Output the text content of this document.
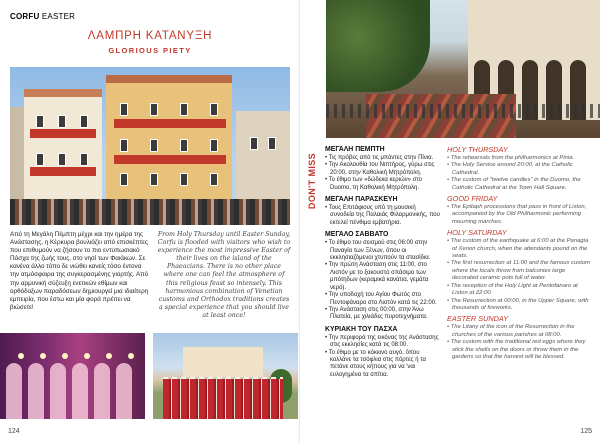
CORFU EASTER
ΛΑΜΠΡΗ ΚΑΤΑΝΥΞΗ
GLORIOUS PIETY
Από τη Μεγάλη Πέμπτη μέχρι και την ημέρα της Ανάστασης, η Κέρκυρα βουλιάζει από επισκέπτες που επιθυμούν να ζήσουν το πιο εντυπωσιακό Πάσχα της ζωής τους, στο νησί των Φαιάκων. Σε κανένα άλλο τόπο δε νιώθει κανείς τόσο έντονα την ατμόσφαιρα της συγκερασμένης γιορτής. Από την αρμονική σύζευξη ενετικών εθίμων και ορθόδοξων παραδόσεων δημιουργεί μια ιδιαίτερη εμπειρία, που έστω και μία φορά πρέπει να βιώσετε!
From Holy Thursday until Easter Sunday, Corfu is flooded with visitors who wish to experience the most impressive Easter of their lives on the island of the Phaeacians. There is no other place where one can feel the atmosphere of this religious feast so intensely. This harmonious combination of Venetian customs and Orthodox traditions creates a special experience that you should live at least once!
124	125
DON'T MISS
ΜΕΓΑΛΗ ΠΕΜΠΤΗ
• Τις πρόβες από τις μπάντες στην Πίνια.
• Την Ακολουθία του Νιπτήρος, γύρω στις 20:00, στην Καθολική Μητρόπολη.
• Το έθιμο των «δώδεκα κεριών» στο Duomo, τη Καθολική Μητρόπολη.
ΜΕΓΑΛΗ ΠΑΡΑΣΚΕΥΗ
• Τους Επιτάφιους υπό τη μουσική συνοδεία της Παλαιάς Φιλαρμονικής, που εκτελεί πένθιμα εμβατήρια.
ΜΕΓΑΛΟ ΣΑΒΒΑΤΟ
• Το έθιμο του σεισμού στις 06:00 στην Παναγία των Ξένων, όπου οι εκκλησιαζόμενοι χτυπούν τα στασίδια.
• Την πρώτη Ανάσταση στις 11:00, στο Λιστόν με το ξακουστό σπάσιμο των μπότηδων (κεραμικά κανάτια, γεμάτα νερό).
• Την υποδοχή του Αγίου Φωτός στο Πεντοφάναρο στο Λιστόν κατά τις 22:00.
• Την Ανάσταση στις 00:00, στην Άνω Πλατεία, με χιλιάδες πυροτεχνήματα.
ΚΥΡΙΑΚΗ ΤΟΥ ΠΑΣΧΑ
• Την περιφορά της εικόνας της Ανάστασης στις εκκλησίες κατά τις 08:00.
• Το έθιμο με το κόκκινο αυγό, όπου κολλάνε τα τσόφλια στις πόρτες ή τα πετάνε στους κήπους για να 'ναι ευλογημένα τα σπίτια.
HOLY THURSDAY
• The rehearsals from the philharmonics at Pinia.
• The Holy Service around 20:00, at the Catholic Cathedral.
• The custom of "twelve candles" in the Duomo, the Catholic Cathedral at the Town Hall Square.
GOOD FRIDAY
• The Epitaph processions that pass in front of Liston, accompanied by the Old Philharmonic performing mourning marches.
HOLY SATURDAY
• The custom of the earthquake at 6:00 at the Panagia of Xenon church, when the attendants pound on the seats.
• The first resurrection at 11:00 and the famous custom where the locals throw from balconies large decorated ceramic pots full of water.
• The reception of the Holy Light at Pentofanaro at Liston at 22:00.
• The Resurrection at 00:00, in the Upper Square, with thousands of fireworks.
EASTER SUNDAY
• The Litany of the icon of the Resurrection in the churches of the various parishes at 08:00.
• The custom with the traditional red eggs where they stick the shells on the doors or throw them in the gardens so that the harvest will be blessed.
